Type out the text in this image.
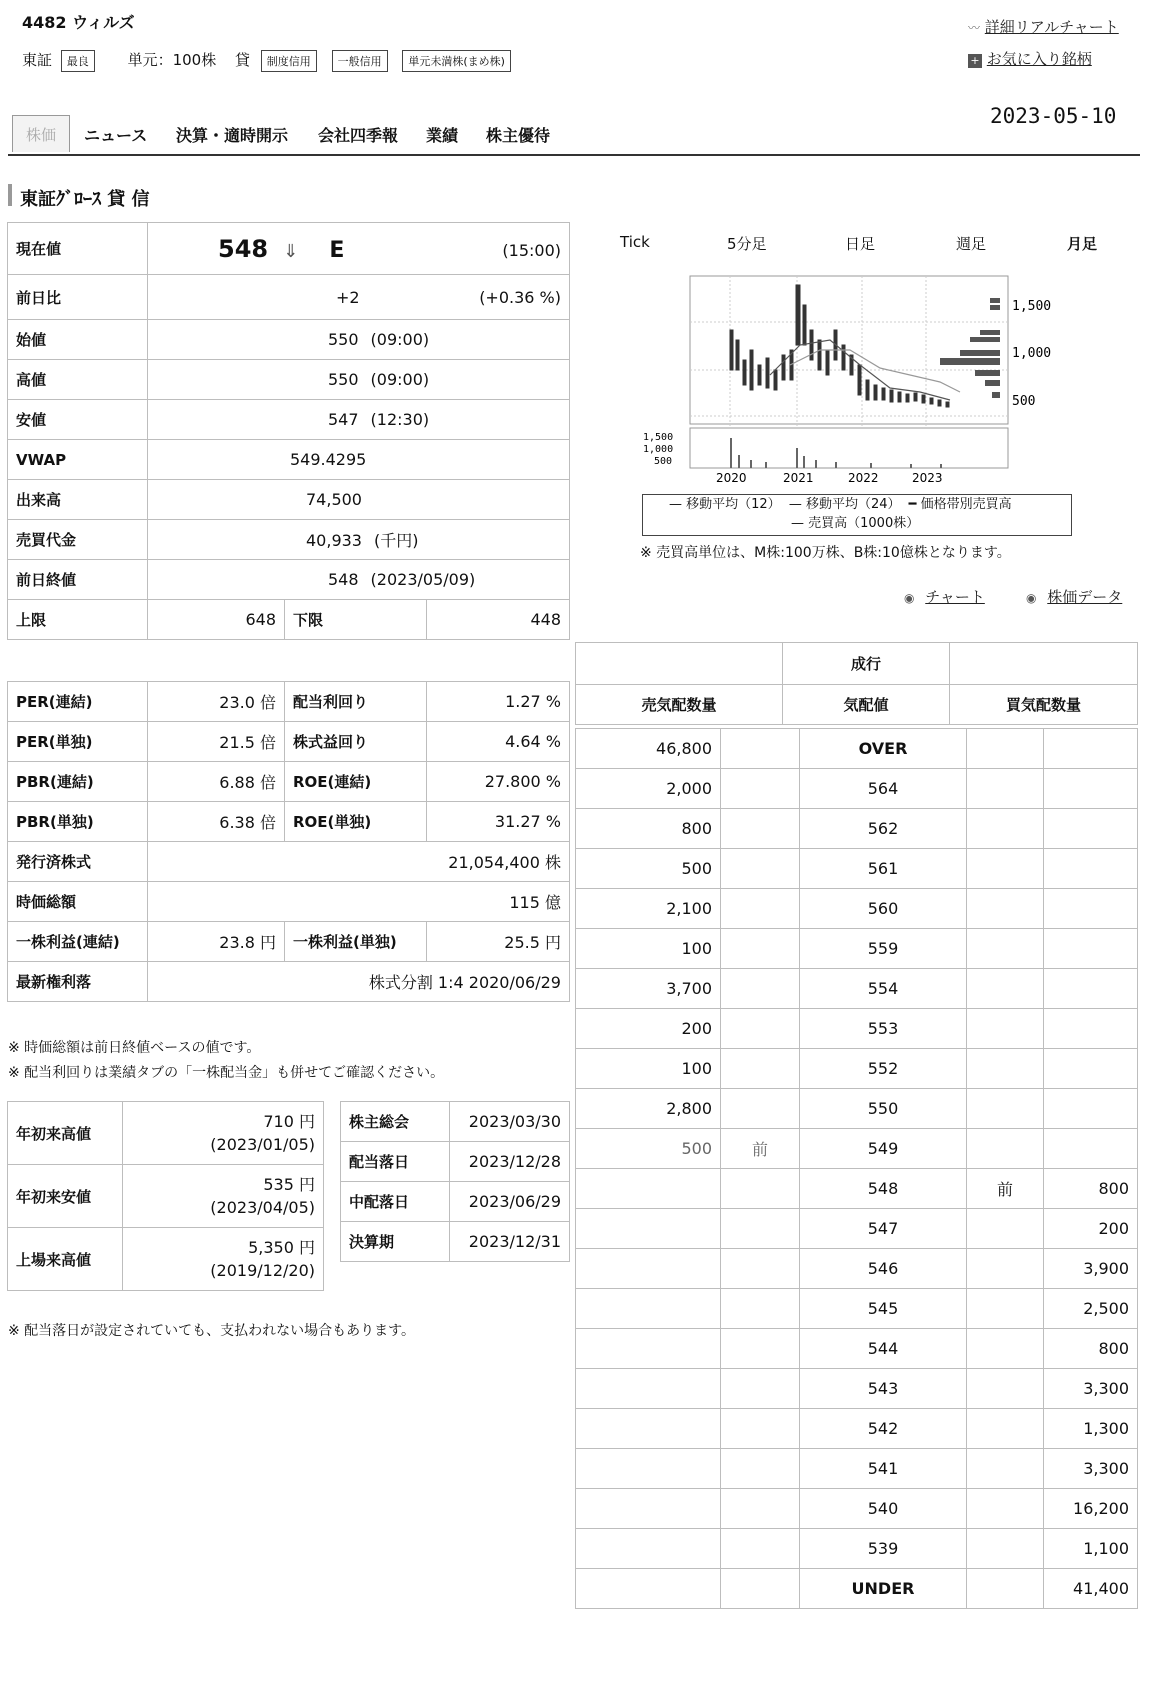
4482 ウィルズ
東証 最良	単元：100株 貸 制度信用 一般信用 単元未満株(まめ株)
〰 詳細リアルチャート
+ お気に入り銘柄
2023-05-10
株価	ニュース 決算・適時開示 会社四季報 業績 株主優待
東証ｸﾞﾛｰｽ 貸 信
現在値	548 ⇓ E (15:00)		

前日比	+2 (+0.36 %)		

始値	550 (09:00)		
高値	550 (09:00)		
安値	547 (12:30)		
VWAP	549.4295		
出来高	74,500		
売買代金	40,933 (千円)		
前日終値	548 (2023/05/09)		
上限	648	下限	448
PER(連結)	23.0 倍	配当利回り	1.27 %
PER(単独)	21.5 倍	株式益回り	4.64 %
PBR(連結)	6.88 倍	ROE(連結)	27.800 %
PBR(単独)	6.38 倍	ROE(単独)	31.27 %
発行済株式	21,054,400 株		
時価総額	115 億		
一株利益(連結)	23.8 円	一株利益(単独)	25.5 円
最新権利落	株式分割 1:4 2020/06/29		
※ 時価総額は前日終値ベースの値です。
※ 配当利回りは業績タブの「一株配当金」も併せてご確認ください。
年初来高値	710 円
(2023/01/05)

年初来安値	535 円
(2023/04/05)

上場来高値	5,350 円
(2019/12/20)
株主総会	2023/03/30
配当落日	2023/12/28
中配落日	2023/06/29
決算期	2023/12/31
※ 配当落日が設定されていても、支払われない場合もあります。
Tick	5分足	日足	週足	月足
1,500
1,000
500
1,500
1,000
500
2020	2021	2022	2023
— 移動平均（12） — 移動平均（24） ━ 価格帯別売買高
— 売買高（1000株）
※ 売買高単位は、M株:100万株、B株:10億株となります。
◉ チャート	◉ 株価データ
	成行	
売気配数量	気配値	買気配数量
46,800		OVER		
2,000		564		
800		562		
500		561		
2,100		560		
100		559		
3,700		554		
200		553		
100		552		
2,800		550		
500	前	549		
		548	前	800
		547		200
		546		3,900
		545		2,500
		544		800
		543		3,300
		542		1,300
		541		3,300
		540		16,200
		539		1,100
		UNDER		41,400
